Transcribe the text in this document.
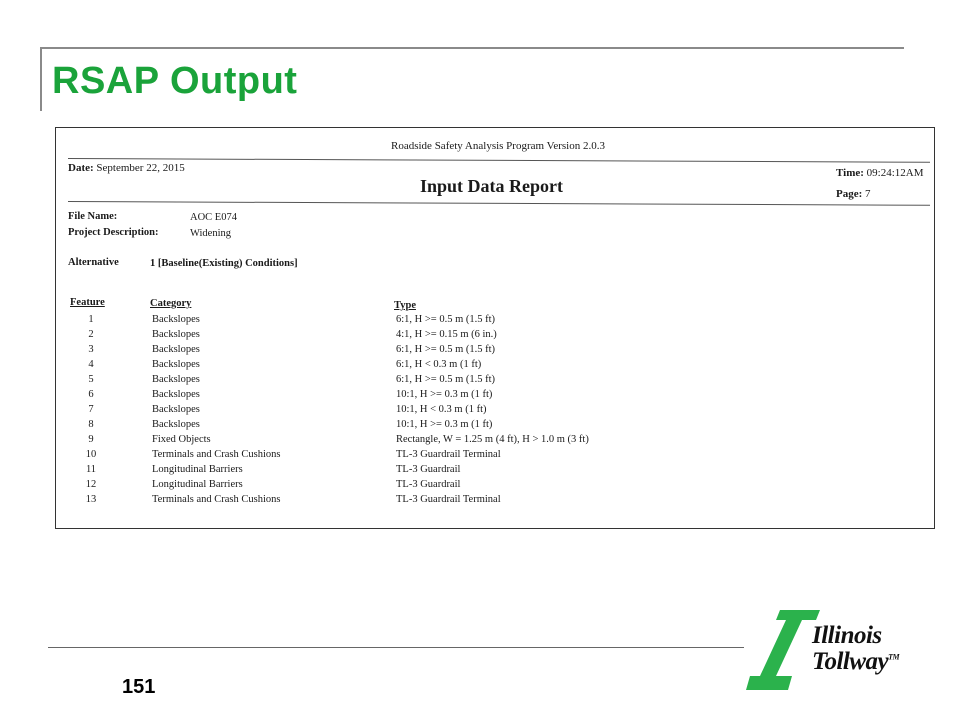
RSAP Output
Roadside Safety Analysis Program Version 2.0.3
Date: September 22, 2015
Input Data Report
Time: 09:24:12AM
Page: 7
File Name:	AOC E074
Project Description:	Widening
Alternative	1 [Baseline(Existing) Conditions]
Feature	Category	Type
1	Backslopes	6:1, H >= 0.5 m (1.5 ft)
2	Backslopes	4:1, H >= 0.15 m (6 in.)
3	Backslopes	6:1, H >= 0.5 m (1.5 ft)
4	Backslopes	6:1, H < 0.3 m (1 ft)
5	Backslopes	6:1, H >= 0.5 m (1.5 ft)
6	Backslopes	10:1, H >= 0.3 m (1 ft)
7	Backslopes	10:1, H < 0.3 m (1 ft)
8	Backslopes	10:1, H >= 0.3 m (1 ft)
9	Fixed Objects	Rectangle, W = 1.25 m (4 ft), H > 1.0 m (3 ft)
10	Terminals and Crash Cushions	TL-3 Guardrail Terminal
11	Longitudinal Barriers	TL-3 Guardrail
12	Longitudinal Barriers	TL-3 Guardrail
13	Terminals and Crash Cushions	TL-3 Guardrail Terminal
151
Illinois
Tollway™
